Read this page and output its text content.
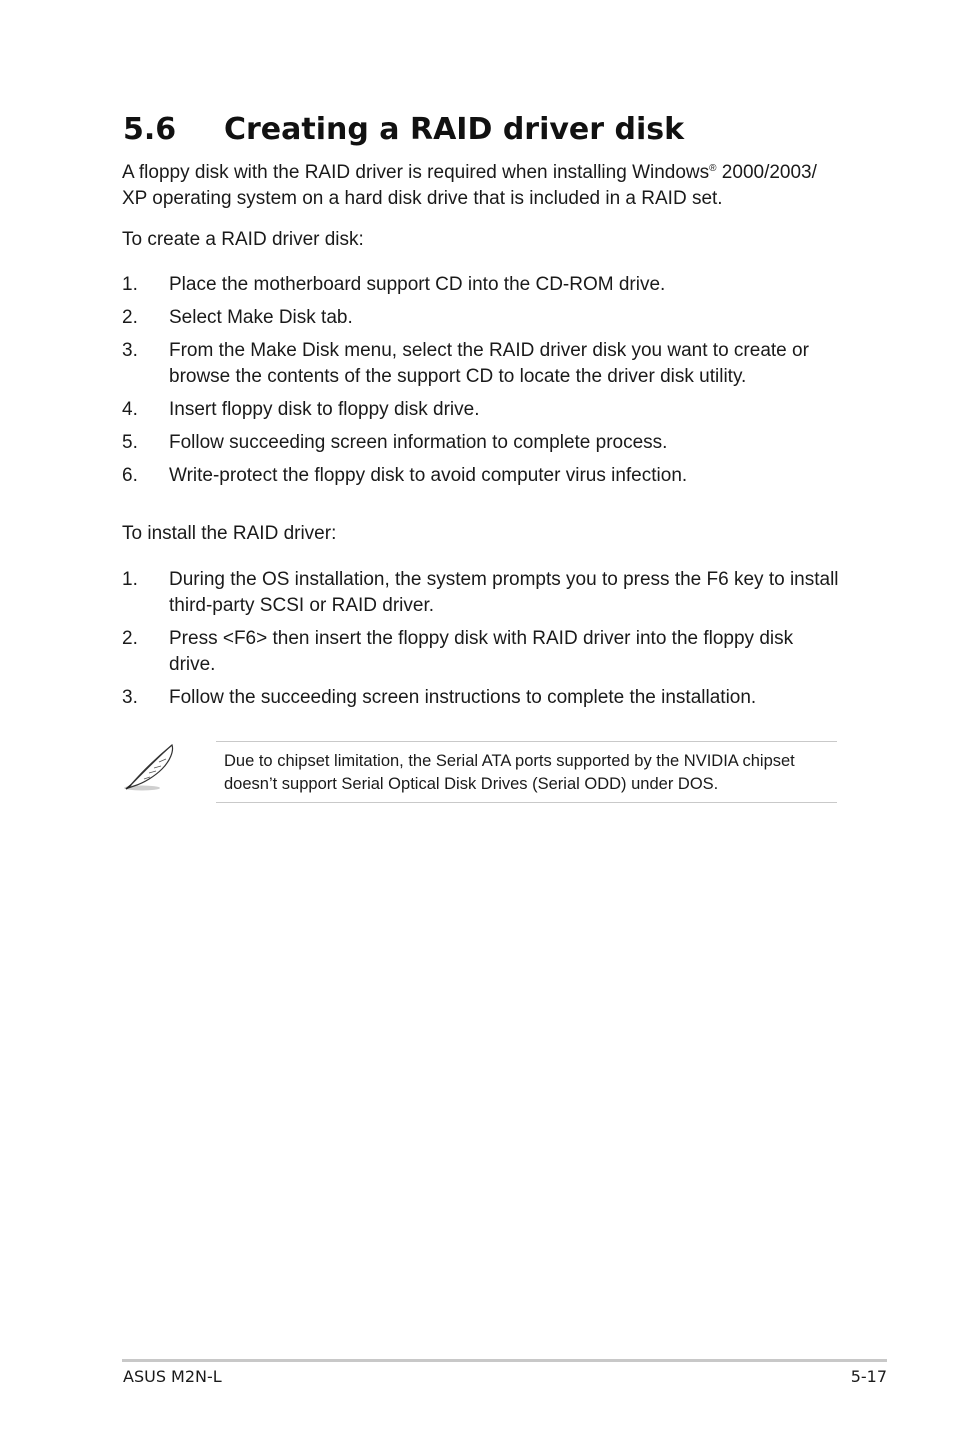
5.6 Creating a RAID driver disk

A floppy disk with the RAID driver is required when installing Windows® 2000/2003/ XP operating system on a hard disk drive that is included in a RAID set.

To create a RAID driver disk:

1.	Place the motherboard support CD into the CD-ROM drive.
2.	Select Make Disk tab.
3.	From the Make Disk menu, select the RAID driver disk you want to create or browse the contents of the support CD to locate the driver disk utility.
4.	Insert floppy disk to floppy disk drive.
5.	Follow succeeding screen information to complete process.
6.	Write-protect the floppy disk to avoid computer virus infection.

To install the RAID driver:

1.	During the OS installation, the system prompts you to press the F6 key to install third-party SCSI or RAID driver.
2.	Press <F6> then insert the floppy disk with RAID driver into the floppy disk drive.
3.	Follow the succeeding screen instructions to complete the installation.

Due to chipset limitation, the Serial ATA ports supported by the NVIDIA chipset doesn’t support Serial Optical Disk Drives (Serial ODD) under DOS.

ASUS M2N-L	5-17
